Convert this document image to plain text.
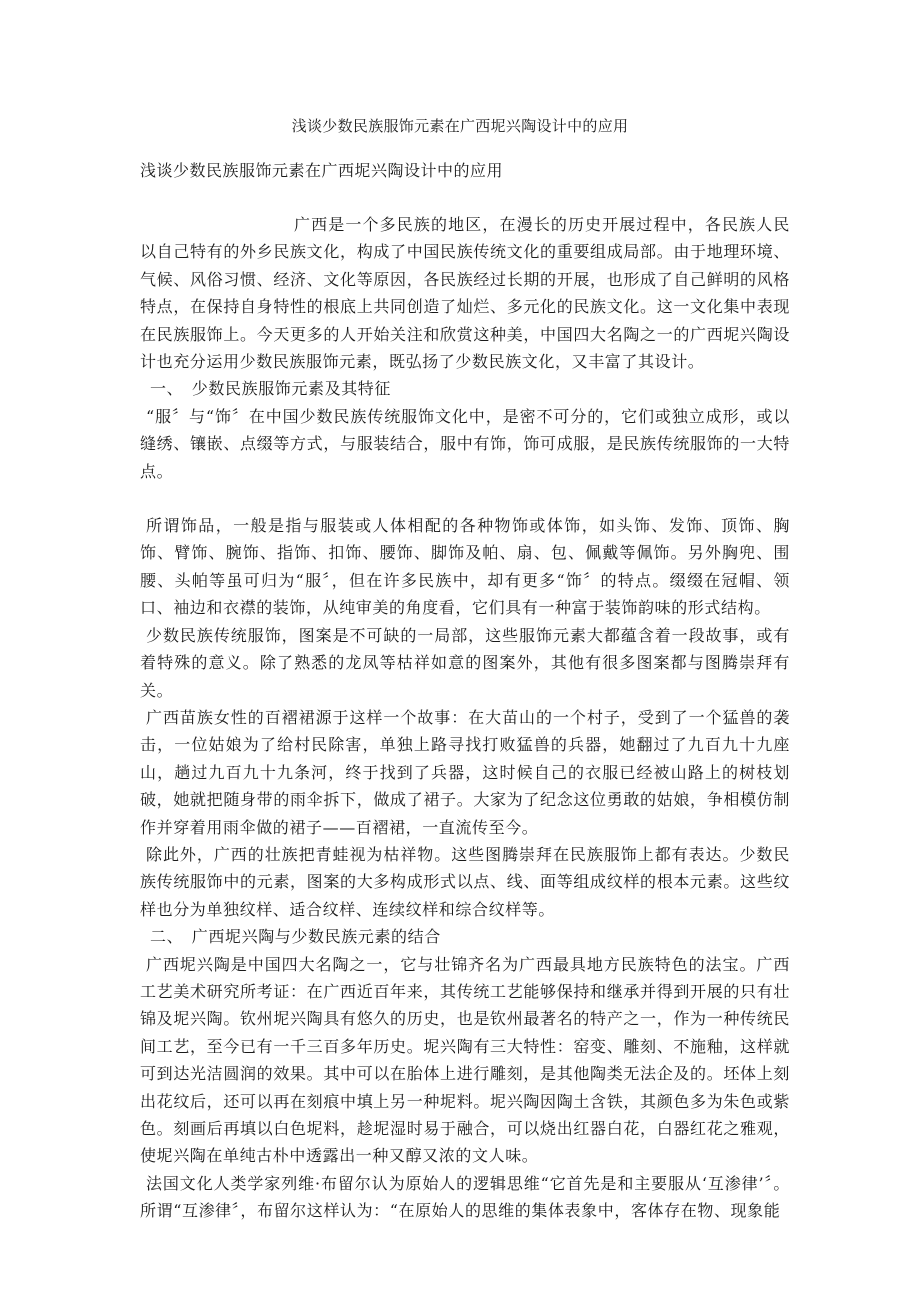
浅谈少数民族服饰元素在广西坭兴陶设计中的应用
浅谈少数民族服饰元素在广西坭兴陶设计中的应用

广西是一个多民族的地区，在漫长的历史开展过程中，各民族人民以自己特有的外乡民族文化，构成了中国民族传统文化的重要组成局部。由于地理环境、气候、风俗习惯、经济、文化等原因，各民族经过长期的开展，也形成了自己鲜明的风格特点，在保持自身特性的根底上共同创造了灿烂、多元化的民族文化。这一文化集中表现在民族服饰上。今天更多的人开始关注和欣赏这种美，中国四大名陶之一的广西坭兴陶设计也充分运用少数民族服饰元素，既弘扬了少数民族文化，又丰富了其设计。

一、　少数民族服饰元素及其特征

“服〞与“饰〞在中国少数民族传统服饰文化中，是密不可分的，它们或独立成形，或以缝绣、镶嵌、点缀等方式，与服装结合，服中有饰，饰可成服，是民族传统服饰的一大特点。

所谓饰品，一般是指与服装或人体相配的各种物饰或体饰，如头饰、发饰、顶饰、胸饰、臂饰、腕饰、指饰、扣饰、腰饰、脚饰及帕、扇、包、佩戴等佩饰。另外胸兜、围腰、头帕等虽可归为“服〞，但在许多民族中，却有更多“饰〞的特点。缀缀在冠帽、领口、袖边和衣襟的装饰，从纯审美的角度看，它们具有一种富于装饰韵味的形式结构。

少数民族传统服饰，图案是不可缺的一局部，这些服饰元素大都蕴含着一段故事，或有着特殊的意义。除了熟悉的龙凤等枯祥如意的图案外，其他有很多图案都与图腾崇拜有关。

广西苗族女性的百褶裙源于这样一个故事：在大苗山的一个村子，受到了一个猛兽的袭击，一位姑娘为了给村民除害，单独上路寻找打败猛兽的兵器，她翻过了九百九十九座山，趟过九百九十九条河，终于找到了兵器，这时候自己的衣服已经被山路上的树枝划破，她就把随身带的雨伞拆下，做成了裙子。大家为了纪念这位勇敢的姑娘，争相模仿制作并穿着用雨伞做的裙子——百褶裙，一直流传至今。

除此外，广西的壮族把青蛙视为枯祥物。这些图腾崇拜在民族服饰上都有表达。少数民族传统服饰中的元素，图案的大多构成形式以点、线、面等组成纹样的根本元素。这些纹样也分为单独纹样、适合纹样、连续纹样和综合纹样等。

二、　广西坭兴陶与少数民族元素的结合

广西坭兴陶是中国四大名陶之一，它与壮锦齐名为广西最具地方民族特色的法宝。广西工艺美术研究所考证：在广西近百年来，其传统工艺能够保持和继承并得到开展的只有壮锦及坭兴陶。钦州坭兴陶具有悠久的历史，也是钦州最著名的特产之一，作为一种传统民间工艺，至今已有一千三百多年历史。坭兴陶有三大特性：窑变、雕刻、不施釉，这样就可到达光洁圆润的效果。其中可以在胎体上进行雕刻，是其他陶类无法企及的。坯体上刻出花纹后，还可以再在刻痕中填上另一种坭料。坭兴陶因陶土含铁，其颜色多为朱色或紫色。刻画后再填以白色坭料，趁坭湿时易于融合，可以烧出红器白花，白器红花之雅观，使坭兴陶在单纯古朴中透露出一种又醇又浓的文人味。

法国文化人类学家列维·布留尔认为原始人的逻辑思维“它首先是和主要服从‘互渗律’〞。所谓“互渗律〞，布留尔这样认为：“在原始人的思维的集体表象中，客体存在物、现象能
